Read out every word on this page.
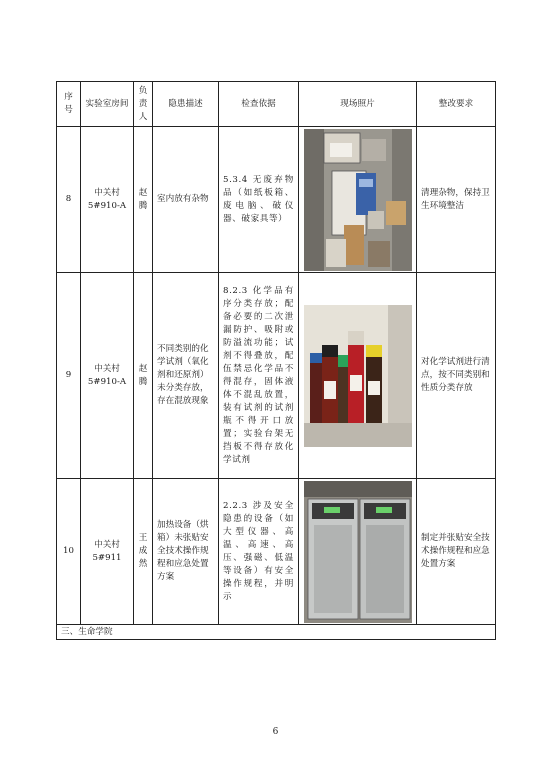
序号	实验室房间	负责人	隐患描述	检查依据	现场照片	整改要求
8	中关村5#910-A	赵腾	室内放有杂物	5.3.4 无废弃物品（如纸板箱、废电脑、破仪器、破家具等）		清理杂物，保持卫生环境整洁
9	中关村5#910-A	赵腾	不同类别的化学试剂（氧化剂和还原剂）未分类存放，存在混放现象	8.2.3 化学品有序分类存放；配备必要的二次泄漏防护、吸附或防溢流功能；试剂不得叠放，配伍禁忌化学品不得混存，固体液体不混乱放置，装有试剂的试剂瓶不得开口放置；实验台架无挡板不得存放化学试剂		对化学试剂进行清点，按不同类别和性质分类存放
10	中关村5#911	王成然	加热设备（烘箱）未张贴安全技术操作规程和应急处置方案	2.2.3 涉及安全隐患的设备（如大型仪器、高温、高速、高压、强磁、低温等设备）有安全操作规程，并明示		制定并张贴安全技术操作规程和应急处置方案
三、生命学院						
6
